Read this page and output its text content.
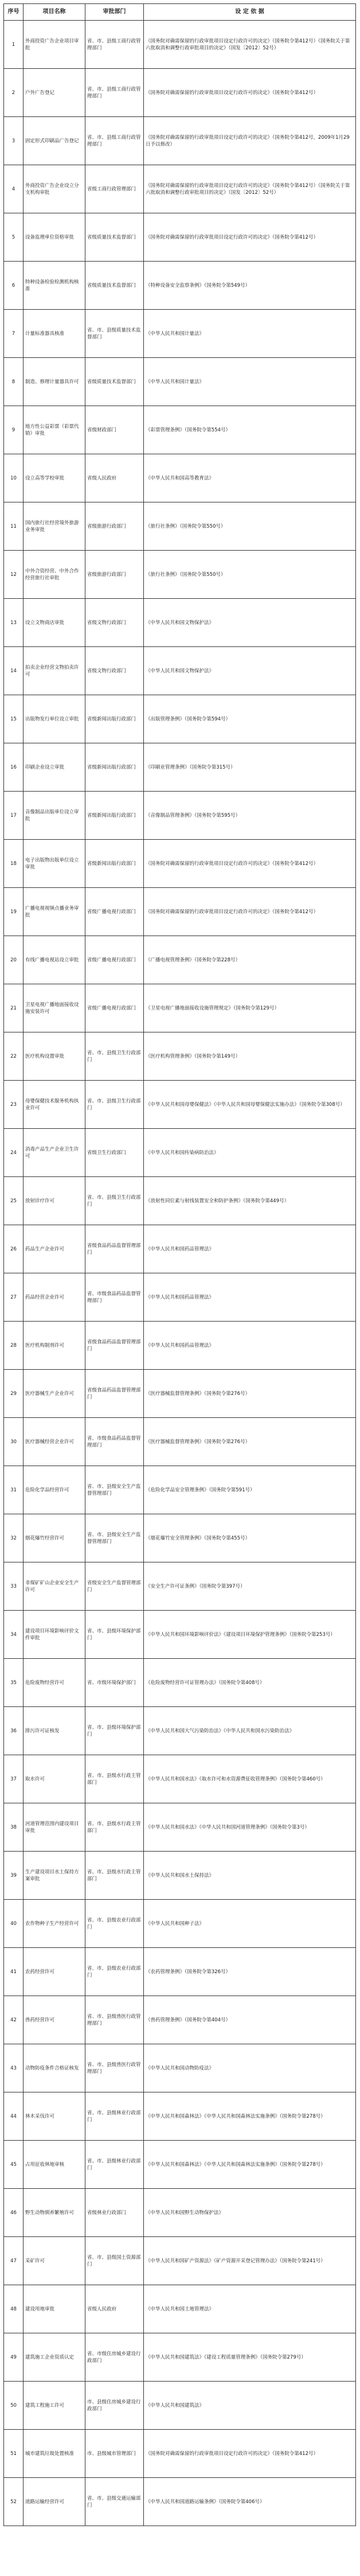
序号	项目名称	审批部门	设 定 依 据
1	外商投资广告企业项目审批	省、市、县级工商行政管理部门	《国务院对确需保留的行政审批项目设定行政许可的决定》（国务院令第412号）《国务院关于第六批取消和调整行政审批项目的决定》（国发〔2012〕52号）
2	户外广告登记	省、市、县级工商行政管理部门	《国务院对确需保留的行政审批项目设定行政许可的决定》（国务院令第412号）
3	固定形式印刷品广告登记	省、市、县级工商行政管理部门	《国务院对确需保留的行政审批项目设定行政许可的决定》（国务院令第412号，2009年1月29日予以修改）
4	外商投资广告企业设立分支机构审批	省级工商行政管理部门	《国务院对确需保留的行政审批项目设定行政许可的决定》（国务院令第412号）《国务院关于第六批取消和调整行政审批项目的决定》（国发〔2012〕52号）
5	设备监理单位资格审批	省级质量技术监督部门	《国务院对确需保留的行政审批项目设定行政许可的决定》（国务院令第412号）
6	特种设备检验检测机构核准	省级质量技术监督部门	《特种设备安全监察条例》（国务院令第549号）
7	计量标准器具核准	省、市、县级质量技术监督部门	《中华人民共和国计量法》
8	制造、修理计量器具许可	省级质量技术监督部门	《中华人民共和国计量法》
9	地方性公益彩票（彩票代销）审批	省级财政部门	《彩票管理条例》（国务院令第554号）
10	设立高等学校审批	省级人民政府	《中华人民共和国高等教育法》
11	国内旅行社经营境外旅游业务审批	省级旅游行政部门	《旅行社条例》（国务院令第550号）
12	中外合资经营、中外合作经营旅行社审批	省级旅游行政部门	《旅行社条例》（国务院令第550号）
13	设立文物商店审批	省级文物行政部门	《中华人民共和国文物保护法》
14	拍卖企业经营文物拍卖许可	省级文物行政部门	《中华人民共和国文物保护法》
15	出版物发行单位设立审批	省级新闻出版行政部门	《出版管理条例》（国务院令第594号）
16	印刷企业设立审批	省级新闻出版行政部门	《印刷业管理条例》（国务院令第315号）
17	音像制品出版单位设立审批	省级新闻出版行政部门	《音像制品管理条例》（国务院令第595号）
18	电子出版物出版单位设立审批	省级新闻出版行政部门	《国务院对确需保留的行政审批项目设定行政许可的决定》（国务院令第412号）
19	广播电视视频点播业务审批	省级广播电视行政部门	《国务院对确需保留的行政审批项目设定行政许可的决定》（国务院令第412号）
20	有线广播电视站设立审批	省级广播电视行政部门	《广播电视管理条例》（国务院令第228号）
21	卫星电视广播地面接收设施安装许可	省级广播电视行政部门	《卫星电视广播地面接收设施管理规定》（国务院令第129号）
22	医疗机构设置审批	省、市、县级卫生行政部门	《医疗机构管理条例》（国务院令第149号）
23	母婴保健技术服务机构执业许可	省、市、县级卫生行政部门	《中华人民共和国母婴保健法》《中华人民共和国母婴保健法实施办法》（国务院令第308号）
24	消毒产品生产企业卫生许可	省级卫生行政部门	《中华人民共和国传染病防治法》
25	放射诊疗许可	省、市、县级卫生行政部门	《放射性同位素与射线装置安全和防护条例》（国务院令第449号）
26	药品生产企业许可	省级食品药品监督管理部门	《中华人民共和国药品管理法》
27	药品经营企业许可	省、市级食品药品监督管理部门	《中华人民共和国药品管理法》
28	医疗机构制剂许可	省级食品药品监督管理部门	《中华人民共和国药品管理法》
29	医疗器械生产企业许可	省级食品药品监督管理部门	《医疗器械监督管理条例》（国务院令第276号）
30	医疗器械经营企业许可	省、市级食品药品监督管理部门	《医疗器械监督管理条例》（国务院令第276号）
31	危险化学品经营许可	省、市、县级安全生产监督管理部门	《危险化学品安全管理条例》（国务院令第591号）
32	烟花爆竹经营许可	省、市、县级安全生产监督管理部门	《烟花爆竹安全管理条例》（国务院令第455号）
33	非煤矿矿山企业安全生产许可	省级安全生产监督管理部门	《安全生产许可证条例》（国务院令第397号）
34	建设项目环境影响评价文件审批	省、市、县级环境保护部门	《中华人民共和国环境影响评价法》《建设项目环境保护管理条例》（国务院令第253号）
35	危险废物经营许可	省、市级环境保护部门	《危险废物经营许可证管理办法》（国务院令第408号）
36	排污许可证核发	省、市、县级环境保护部门	《中华人民共和国大气污染防治法》《中华人民共和国水污染防治法》
37	取水许可	省、市、县级水行政主管部门	《中华人民共和国水法》《取水许可和水资源费征收管理条例》（国务院令第460号）
38	河道管理范围内建设项目审批	省、市、县级水行政主管部门	《中华人民共和国水法》《中华人民共和国河道管理条例》（国务院令第3号）
39	生产建设项目水土保持方案审批	省、市、县级水行政主管部门	《中华人民共和国水土保持法》
40	农作物种子生产经营许可	省、市、县级农业行政部门	《中华人民共和国种子法》
41	农药经营许可	省、市、县级农业行政部门	《农药管理条例》（国务院令第326号）
42	兽药经营许可	省、市、县级兽医行政管理部门	《兽药管理条例》（国务院令第404号）
43	动物防疫条件合格证核发	省、市、县级兽医行政管理部门	《中华人民共和国动物防疫法》
44	林木采伐许可	省、市、县级林业行政部门	《中华人民共和国森林法》《中华人民共和国森林法实施条例》（国务院令第278号）
45	占用征收林地审核	省、市、县级林业行政部门	《中华人民共和国森林法》《中华人民共和国森林法实施条例》（国务院令第278号）
46	野生动物驯养繁殖许可	省级林业行政部门	《中华人民共和国野生动物保护法》
47	采矿许可	省、市、县级国土资源部门	《中华人民共和国矿产资源法》《矿产资源开采登记管理办法》（国务院令第241号）
48	建设用地审批	省级人民政府	《中华人民共和国土地管理法》
49	建筑施工企业资质认定	省、市级住房城乡建设行政部门	《中华人民共和国建筑法》《建设工程质量管理条例》（国务院令第279号）
50	建筑工程施工许可	市、县级住房城乡建设行政部门	《中华人民共和国建筑法》
51	城市建筑垃圾处置核准	市、县级城市管理部门	《国务院对确需保留的行政审批项目设定行政许可的决定》（国务院令第412号）
52	道路运输经营许可	省、市、县级交通运输部门	《中华人民共和国道路运输条例》（国务院令第406号）
